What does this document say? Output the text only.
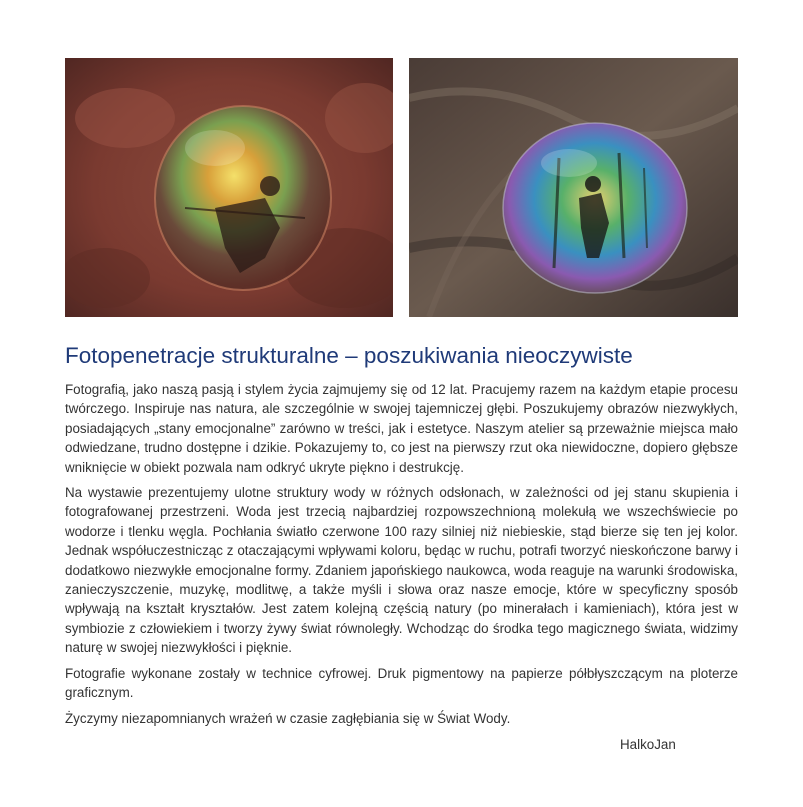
Fotopenetracje strukturalne – poszukiwania nieoczywiste

Fotografią, jako naszą pasją i stylem życia zajmujemy się od 12 lat. Pracujemy razem na każdym etapie procesu twórczego. Inspiruje nas natura, ale szczególnie w swojej tajemniczej głębi. Poszukujemy obrazów niezwykłych, posiadających „stany emocjonalne” zarówno w treści, jak i estetyce. Naszym atelier są przeważnie miejsca mało odwiedzane, trudno dostępne i dzikie. Pokazujemy to, co jest na pierwszy rzut oka niewidoczne, dopiero głębsze wniknięcie w obiekt pozwala nam odkryć ukryte piękno i destrukcję.

Na wystawie prezentujemy ulotne struktury wody w różnych odsłonach, w zależności od jej stanu skupienia i fotografowanej przestrzeni. Woda jest trzecią najbardziej rozpowszechnioną molekułą we wszechświecie po wodorze i tlenku węgla. Pochłania światło czerwone 100 razy silniej niż niebieskie, stąd bierze się ten jej kolor. Jednak współuczestnicząc z otaczającymi wpływami koloru, będąc w ruchu, potrafi tworzyć nieskończone barwy i dodatkowo niezwykłe emocjonalne formy. Zdaniem japońskiego naukowca, woda reaguje na warunki środowiska, zanieczyszczenie, muzykę, modlitwę, a także myśli i słowa oraz nasze emocje, które w specyficzny sposób wpływają na kształt kryształów. Jest zatem kolejną częścią natury (po minerałach i kamieniach), która jest w symbiozie z człowiekiem i tworzy żywy świat równoległy. Wchodząc do środka tego magicznego świata, widzimy naturę w swojej niezwykłości i pięknie.

Fotografie wykonane zostały w technice cyfrowej. Druk pigmentowy na papierze półbłyszczącym na ploterze graficznym.

Życzymy niezapomnianych wrażeń w czasie zagłębiania się w Świat Wody.

HalkoJan
